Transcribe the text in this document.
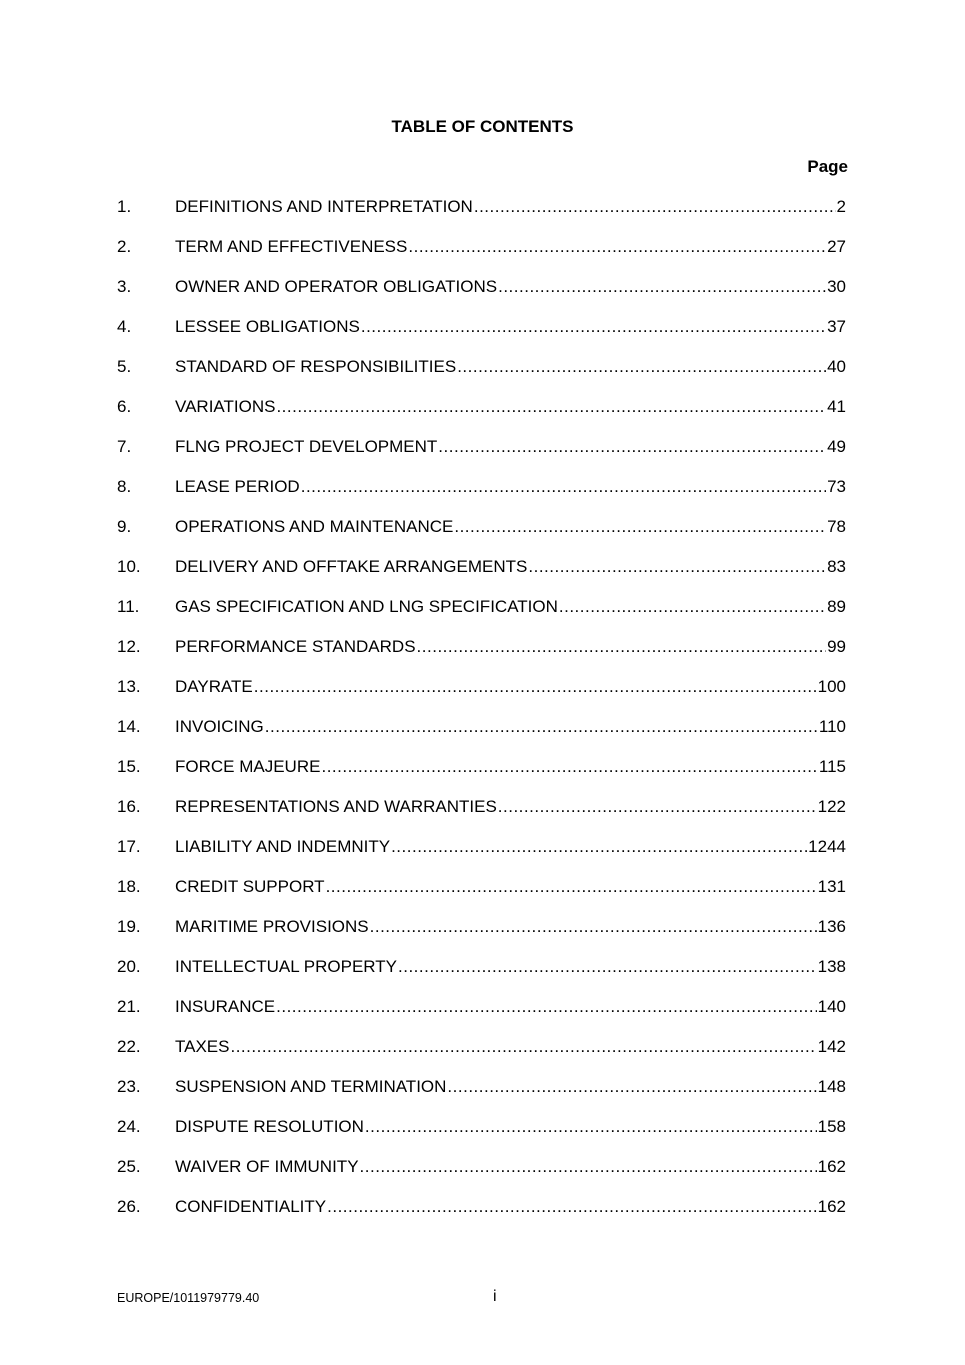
TABLE OF CONTENTS
Page
1.	DEFINITIONS AND INTERPRETATION .....	2
2.	TERM AND EFFECTIVENESS .....	27
3.	OWNER AND OPERATOR OBLIGATIONS .....	30
4.	LESSEE OBLIGATIONS .....	37
5.	STANDARD OF RESPONSIBILITIES .....	40
6.	VARIATIONS .....	41
7.	FLNG PROJECT DEVELOPMENT .....	49
8.	LEASE PERIOD .....	73
9.	OPERATIONS AND MAINTENANCE .....	78
10.	DELIVERY AND OFFTAKE ARRANGEMENTS .....	83
11.	GAS SPECIFICATION AND LNG SPECIFICATION .....	89
12.	PERFORMANCE STANDARDS .....	99
13.	DAYRATE .....	100
14.	INVOICING .....	110
15.	FORCE MAJEURE .....	115
16.	REPRESENTATIONS AND WARRANTIES .....	122
17.	LIABILITY AND INDEMNITY .....	1244
18.	CREDIT SUPPORT .....	131
19.	MARITIME PROVISIONS .....	136
20.	INTELLECTUAL PROPERTY .....	138
21.	INSURANCE .....	140
22.	TAXES .....	142
23.	SUSPENSION AND TERMINATION .....	148
24.	DISPUTE RESOLUTION .....	158
25.	WAIVER OF IMMUNITY .....	162
26.	CONFIDENTIALITY .....	162
EUROPE/1011979779.40	i
